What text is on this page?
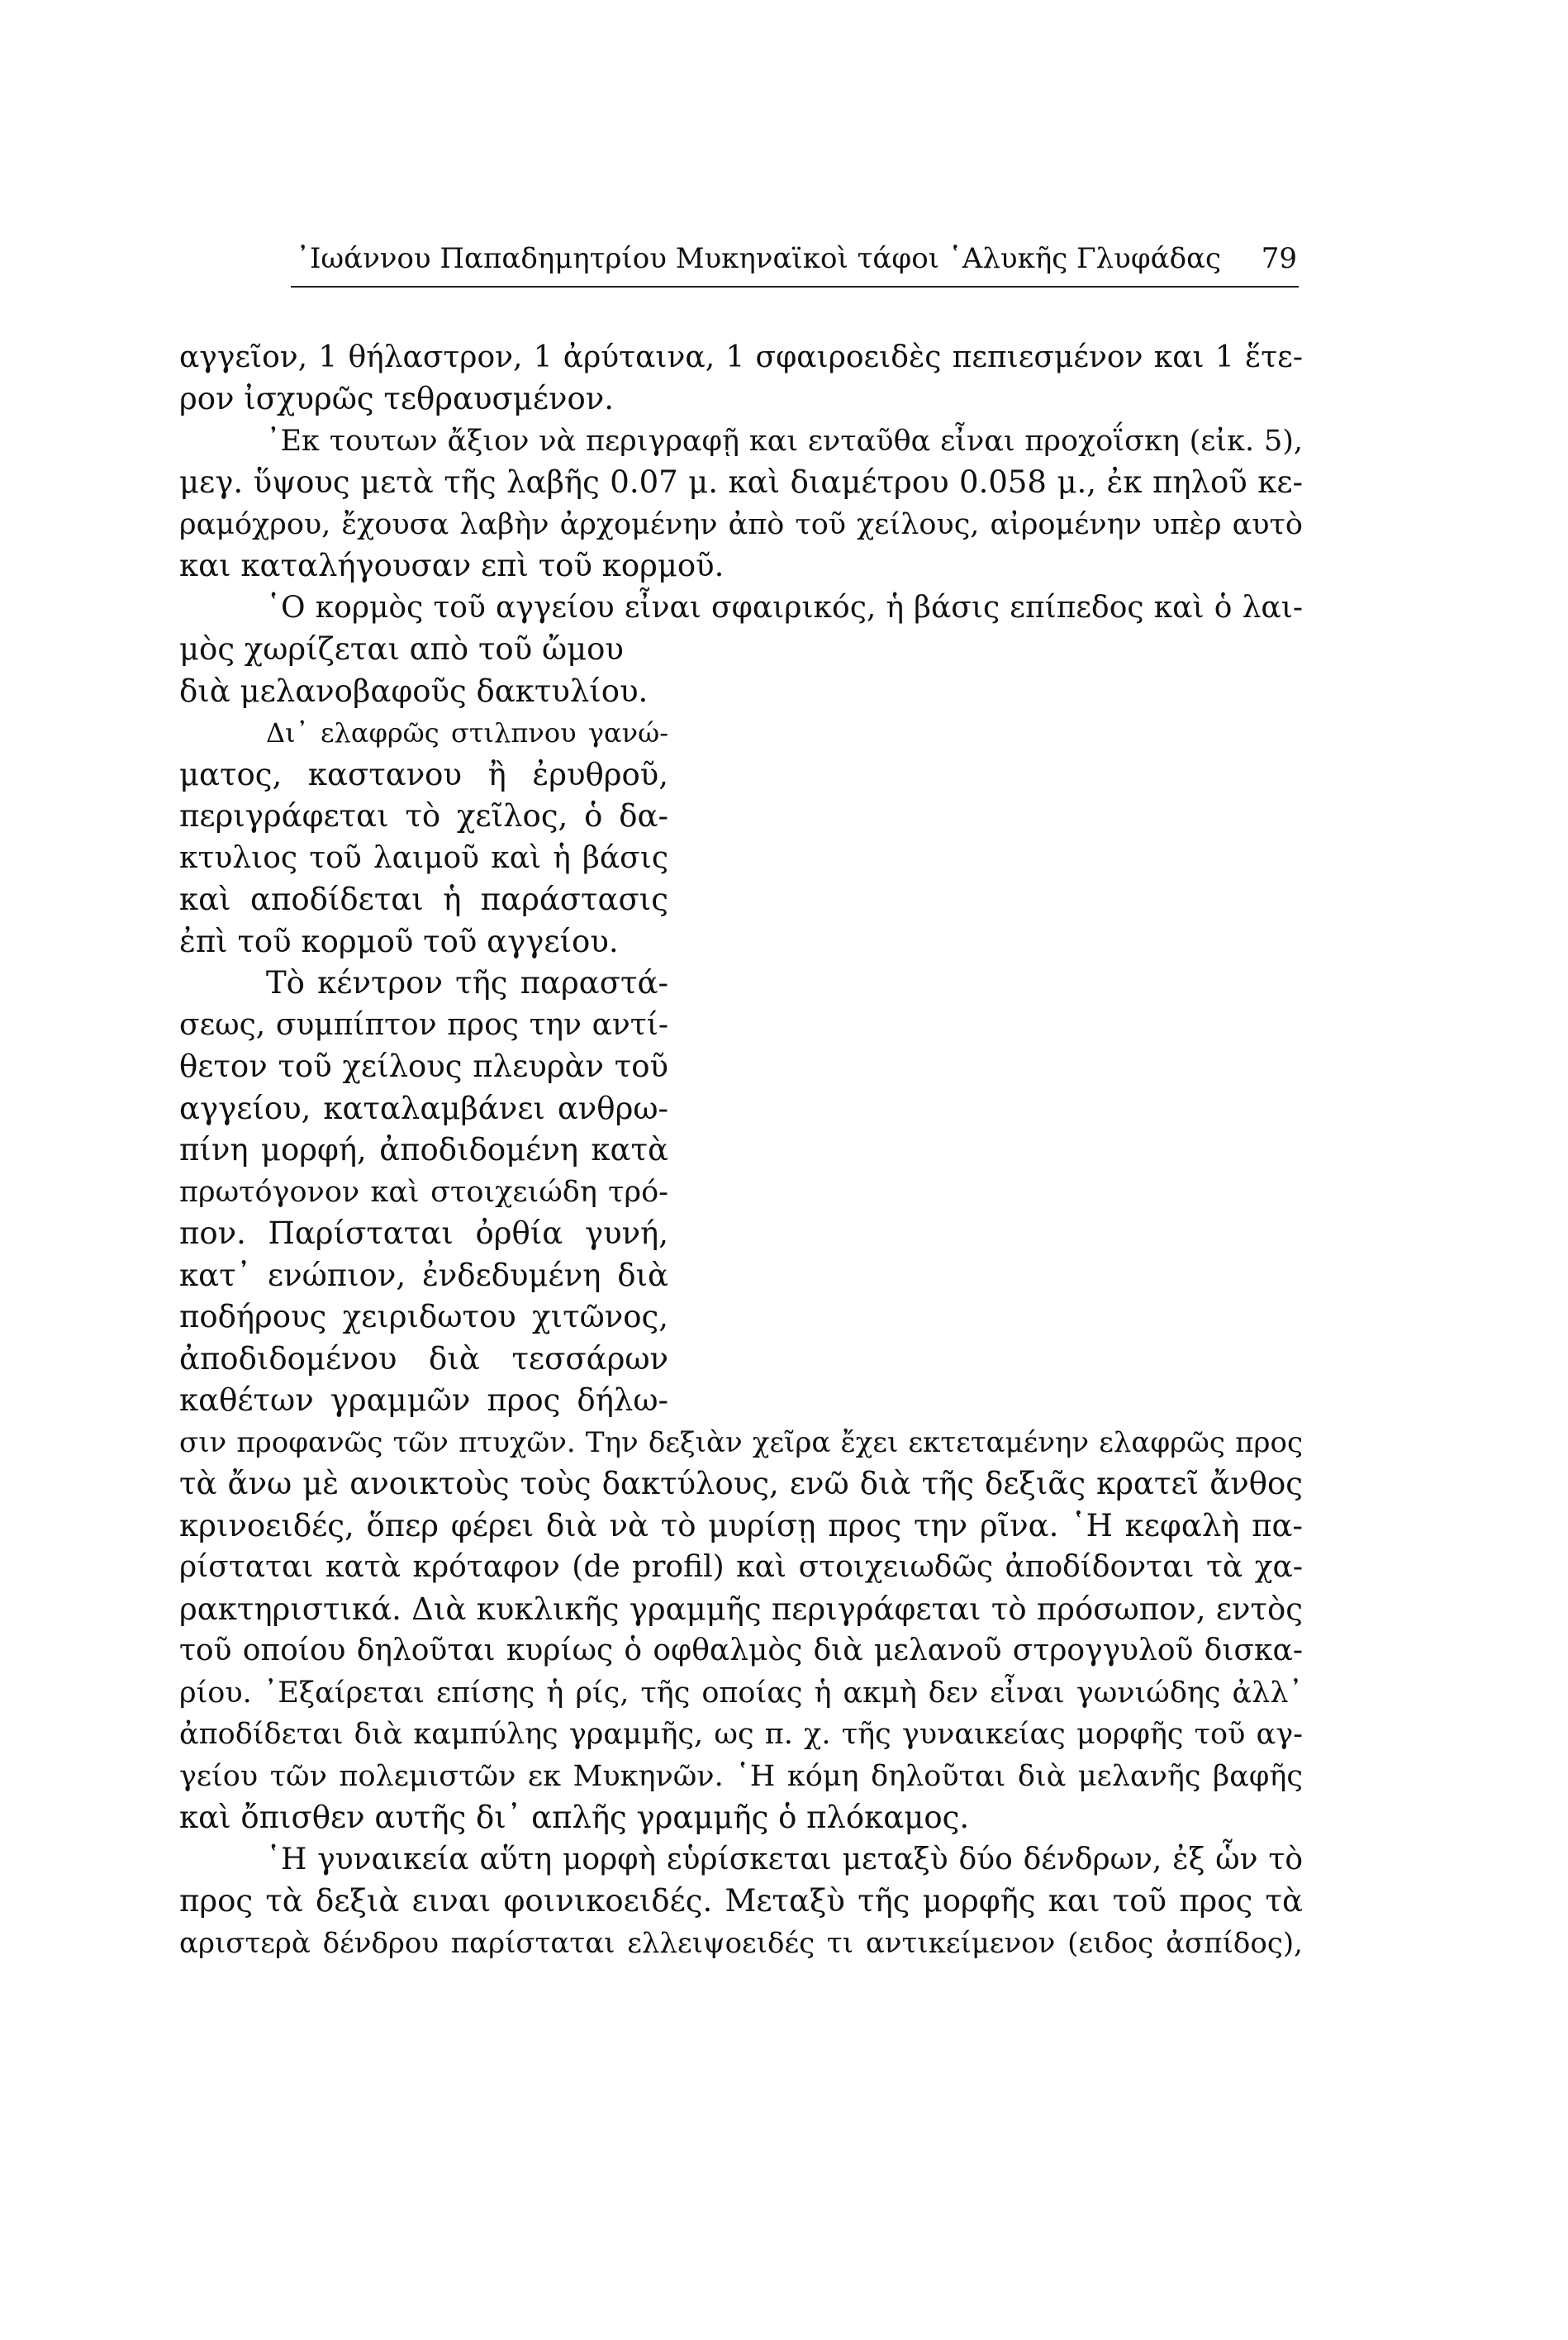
᾿Ιωάννου Παπαδημητρίου Μυκηναϊκοὶ τάφοι ῾Αλυκῆς Γλυφάδας 79
αγγεῖον, 1 θήλαστρον, 1 ἀρύταινα, 1 σφαιροειδὲς πεπιεσμένον και 1 ἕτε-
ρον ἰσχυρῶς τεθραυσμένον.
᾿Εκ τουτων ἄξιον νὰ περιγραφῇ και ενταῦθα εἶναι προχοΐσκη (εἰκ. 5),
μεγ. ὕψους μετὰ τῆς λαβῆς 0.07 μ. καὶ διαμέτρου 0.058 μ., ἐκ πηλοῦ κε-
ραμόχρου, ἔχουσα λαβὴν ἀρχομένην ἀπὸ τοῦ χείλους, αἰρομένην υπὲρ αυτὸ
και καταλήγουσαν επὶ τοῦ κορμοῦ.
῾Ο κορμὸς τοῦ αγγείου εἶναι σφαιρικός, ἡ βάσις επίπεδος καὶ ὁ λαι-
μὸς χωρίζεται απὸ τοῦ ὤμου
διὰ μελανοβαφοῦς δακτυλίου.
Δι᾿ ελαφρῶς στιλπνου γανώ-
ματος, καστανου ἢ ἐρυθροῦ,
περιγράφεται τὸ χεῖλος, ὁ δα-
κτυλιος τοῦ λαιμοῦ καὶ ἡ βάσις
καὶ αποδίδεται ἡ παράστασις
ἐπὶ τοῦ κορμοῦ τοῦ αγγείου.
Τὸ κέντρον τῆς παραστά-
σεως, συμπίπτον προς την αντί-
θετον τοῦ χείλους πλευρὰν τοῦ
αγγείου, καταλαμβάνει ανθρω-
πίνη μορφή, ἀποδιδομένη κατὰ
πρωτόγονον καὶ στοιχειώδη τρό-
πον. Παρίσταται ὀρθία γυνή,
κατ᾿ ενώπιον, ἐνδεδυμένη διὰ
ποδήρους χειριδωτου χιτῶνος,
ἀποδιδομένου διὰ τεσσάρων
καθέτων γραμμῶν προς δήλω-
σιν προφανῶς τῶν πτυχῶν. Την δεξιὰν χεῖρα ἔχει εκτεταμένην ελαφρῶς προς
τὰ ἄνω μὲ ανοικτοὺς τοὺς δακτύλους, ενῶ διὰ τῆς δεξιᾶς κρατεῖ ἄνθος
κρινοειδές, ὅπερ φέρει διὰ νὰ τὸ μυρίσῃ προς την ρῖνα. ῾Η κεφαλὴ πα-
ρίσταται κατὰ κρόταφον (de profil) καὶ στοιχειωδῶς ἀποδίδονται τὰ χα-
ρακτηριστικά. Διὰ κυκλικῆς γραμμῆς περιγράφεται τὸ πρόσωπον, εντὸς
τοῦ οποίου δηλοῦται κυρίως ὁ οφθαλμὸς διὰ μελανοῦ στρογγυλοῦ δισκα-
ρίου. ᾿Εξαίρεται επίσης ἡ ρίς, τῆς οποίας ἡ ακμὴ δεν εἶναι γωνιώδης ἀλλ᾿
ἀποδίδεται διὰ καμπύλης γραμμῆς, ως π. χ. τῆς γυναικείας μορφῆς τοῦ αγ-
γείου τῶν πολεμιστῶν εκ Μυκηνῶν. ῾Η κόμη δηλοῦται διὰ μελανῆς βαφῆς
καὶ ὄπισθεν αυτῆς δι᾿ απλῆς γραμμῆς ὁ πλόκαμος.
῾Η γυναικεία αὕτη μορφὴ εὑρίσκεται μεταξὺ δύο δένδρων, ἐξ ὧν τὸ
προς τὰ δεξιὰ ειναι φοινικοειδές. Μεταξὺ τῆς μορφῆς και τοῦ προς τὰ
αριστερὰ δένδρου παρίσταται ελλειψοειδές τι αντικείμενον (ειδος ἀσπίδος),
